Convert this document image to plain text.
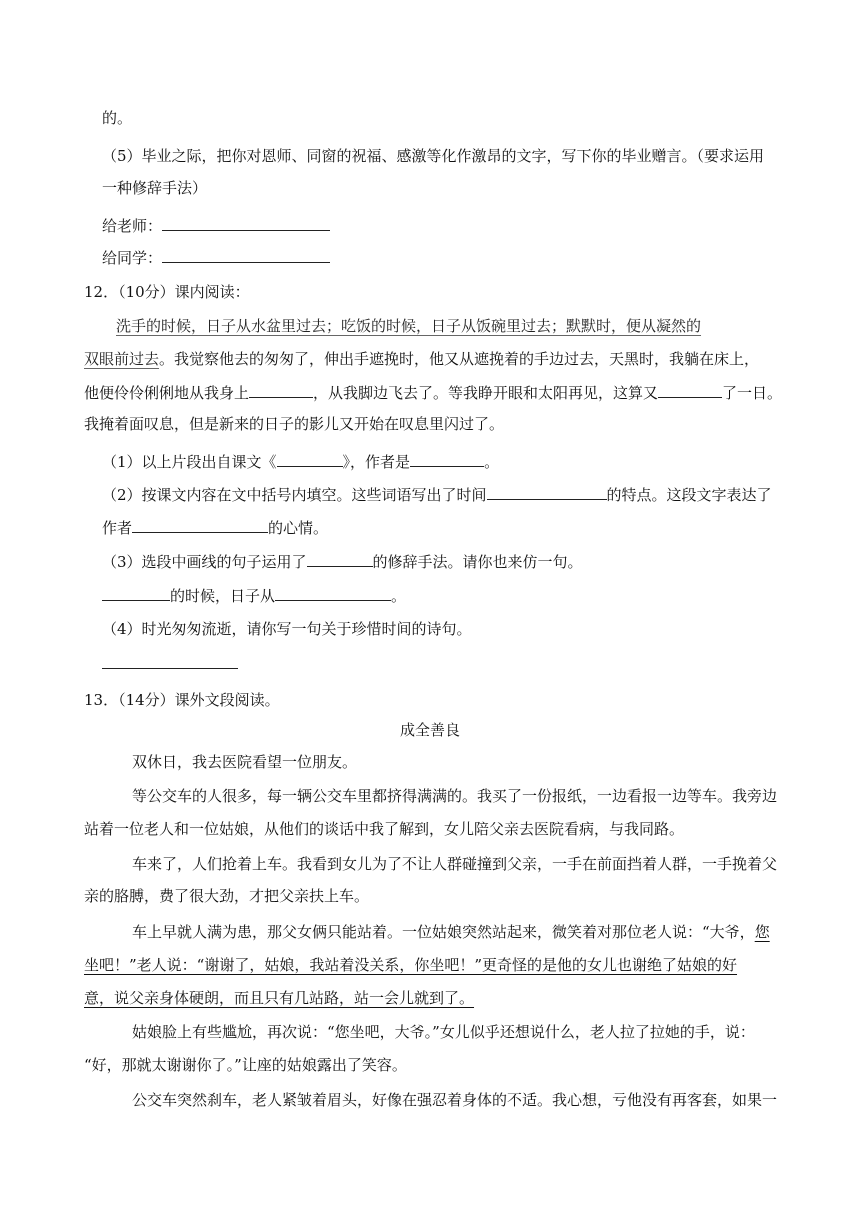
的。
（5）毕业之际，把你对恩师、同窗的祝福、感激等化作激昂的文字，写下你的毕业赠言。（要求运用
一种修辞手法）
给老师：
给同学：
12．（10分）课内阅读：
洗手的时候，日子从水盆里过去；吃饭的时候，日子从饭碗里过去；默默时，便从凝然的
双眼前过去。我觉察他去的匆匆了，伸出手遮挽时，他又从遮挽着的手边过去，天黑时，我躺在床上，
他便伶伶俐俐地从我身上	，从我脚边飞去了。等我睁开眼和太阳再见，这算又	了一日。
我掩着面叹息，但是新来的日子的影儿又开始在叹息里闪过了。
（1）以上片段出自课文《	》，作者是	。
（2）按课文内容在文中括号内填空。这些词语写出了时间	的特点。这段文字表达了
作者	的心情。
（3）选段中画线的句子运用了	的修辞手法。请你也来仿一句。
的时候，日子从	。
（4）时光匆匆流逝，请你写一句关于珍惜时间的诗句。
13．（14分）课外文段阅读。
成全善良
双休日，我去医院看望一位朋友。
等公交车的人很多，每一辆公交车里都挤得满满的。我买了一份报纸，一边看报一边等车。我旁边
站着一位老人和一位姑娘，从他们的谈话中我了解到，女儿陪父亲去医院看病，与我同路。
车来了，人们抢着上车。我看到女儿为了不让人群碰撞到父亲，一手在前面挡着人群，一手挽着父
亲的胳膊，费了很大劲，才把父亲扶上车。
车上早就人满为患，那父女俩只能站着。一位姑娘突然站起来，微笑着对那位老人说：“大爷，您
坐吧！”老人说：“谢谢了，姑娘，我站着没关系，你坐吧！”更奇怪的是他的女儿也谢绝了姑娘的好
意，说父亲身体硬朗，而且只有几站路，站一会儿就到了。
姑娘脸上有些尴尬，再次说：“您坐吧，大爷。”女儿似乎还想说什么，老人拉了拉她的手，说：
“好，那就太谢谢你了。”让座的姑娘露出了笑容。
公交车突然刹车，老人紧皱着眉头，好像在强忍着身体的不适。我心想，亏他没有再客套，如果一
